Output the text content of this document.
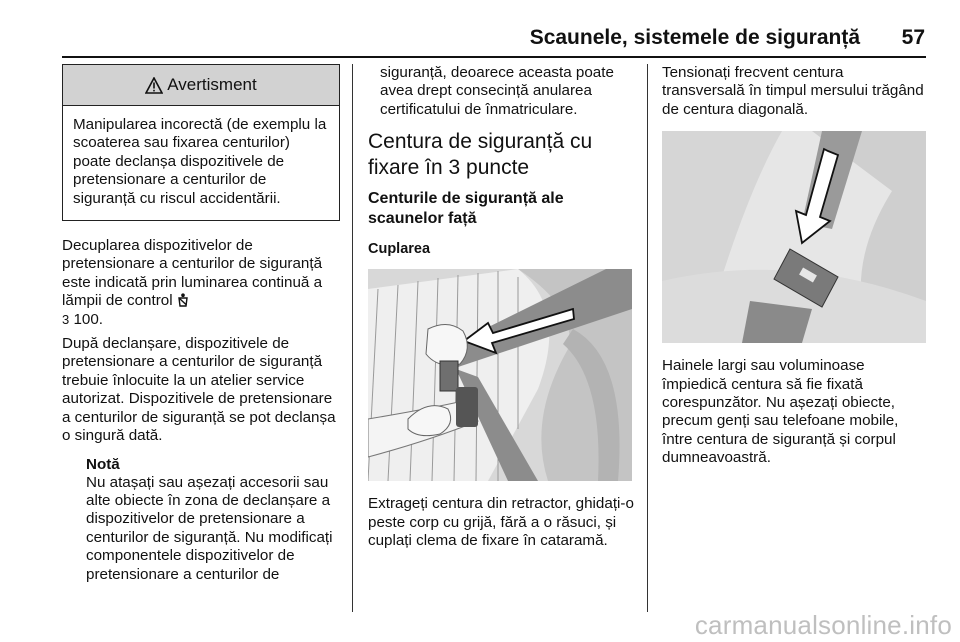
Scaunele, sistemele de siguranță	57
Avertisment
Manipularea incorectă (de exemplu la scoaterea sau fixarea centurilor) poate declanșa dispozitivele de pretensionare a centurilor de siguranță cu riscul accidentării.

Decuplarea dispozitivelor de pretensionare a centurilor de siguranță este indicată prin luminarea continuă a lămpii de control
3 100.

După declanșare, dispozitivele de pretensionare a centurilor de siguranță trebuie înlocuite la un atelier service autorizat. Dispozitivele de pretensionare a centurilor de siguranță se pot declanșa o singură dată.

Notă

Nu atașați sau așezați accesorii sau alte obiecte în zona de declanșare a dispozitivelor de pretensionare a centurilor de siguranță. Nu modificați componentele dispozitivelor de pretensionare a centurilor de

siguranță, deoarece aceasta poate avea drept consecință anularea certificatului de înmatriculare.

Centura de siguranță cu fixare în 3 puncte
Centurile de siguranță ale scaunelor față
Cuplarea

Extrageți centura din retractor, ghidați-o peste corp cu grijă, fără a o răsuci, și cuplați clema de fixare în cataramă.

Tensionați frecvent centura transversală în timpul mersului trăgând de centura diagonală.

Hainele largi sau voluminoase împiedică centura să fie fixată corespunzător. Nu așezați obiecte, precum genți sau telefoane mobile, între centura de siguranță și corpul dumneavoastră.

carmanualsonline.info
